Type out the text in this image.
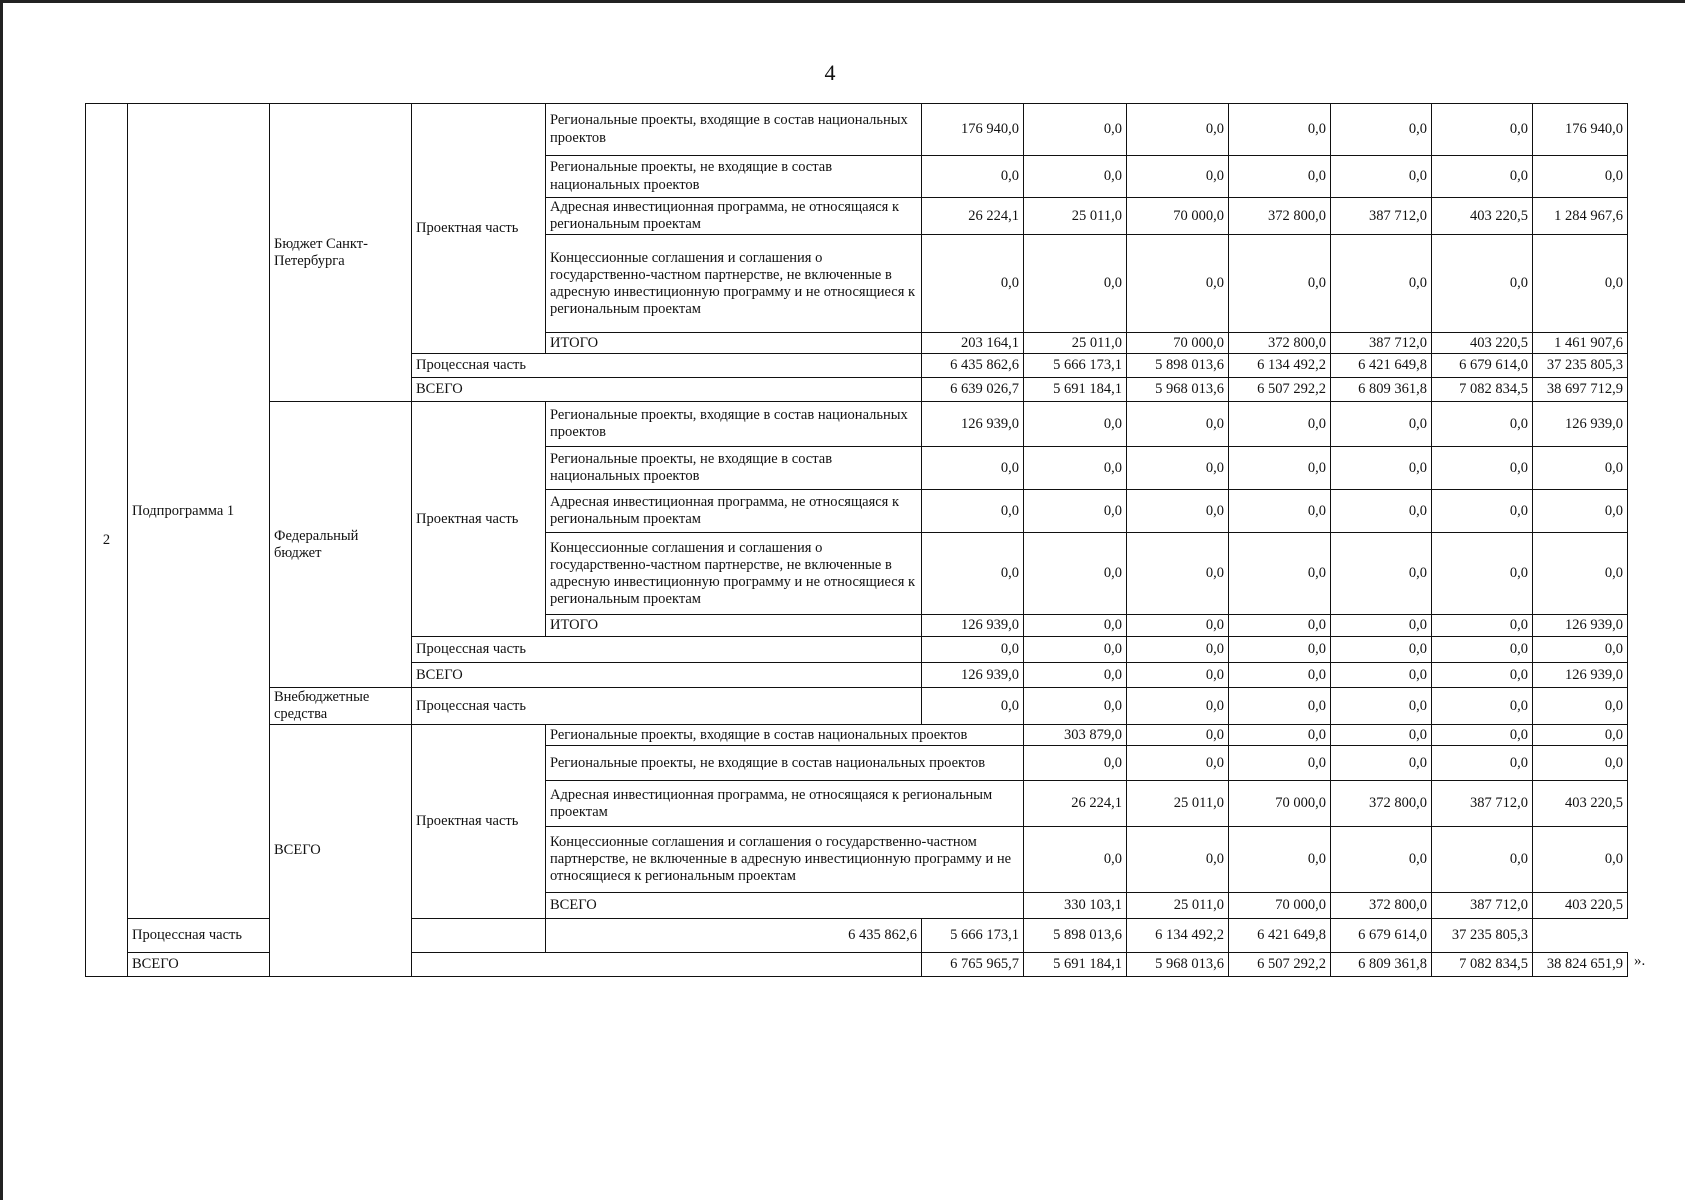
4
2	Подпрограмма 1	Бюджет Санкт-Петербурга	Проектная часть	Региональные проекты, входящие в состав национальных проектов	176 940,0	0,0	0,0	0,0	0,0	0,0	176 940,0	
				Региональные проекты, не входящие в состав национальных проектов	0,0	0,0	0,0	0,0	0,0	0,0	0,0	
				Адресная инвестиционная программа, не относящаяся к региональным проектам	26 224,1	25 011,0	70 000,0	372 800,0	387 712,0	403 220,5	1 284 967,6	
				Концессионные соглашения и соглашения о государственно-частном партнерстве, не включенные в адресную инвестиционную программу и не относящиеся к региональным проектам	0,0	0,0	0,0	0,0	0,0	0,0	0,0	
				ИТОГО	203 164,1	25 011,0	70 000,0	372 800,0	387 712,0	403 220,5	1 461 907,6	
			Процессная часть		6 435 862,6	5 666 173,1	5 898 013,6	6 134 492,2	6 421 649,8	6 679 614,0	37 235 805,3	
			ВСЕГО		6 639 026,7	5 691 184,1	5 968 013,6	6 507 292,2	6 809 361,8	7 082 834,5	38 697 712,9	
		Федеральный бюджет	Проектная часть	Региональные проекты, входящие в состав национальных проектов	126 939,0	0,0	0,0	0,0	0,0	0,0	126 939,0	
				Региональные проекты, не входящие в состав национальных проектов	0,0	0,0	0,0	0,0	0,0	0,0	0,0	
				Адресная инвестиционная программа, не относящаяся к региональным проектам	0,0	0,0	0,0	0,0	0,0	0,0	0,0	
				Концессионные соглашения и соглашения о государственно-частном партнерстве, не включенные в адресную инвестиционную программу и не относящиеся к региональным проектам	0,0	0,0	0,0	0,0	0,0	0,0	0,0	
				ИТОГО	126 939,0	0,0	0,0	0,0	0,0	0,0	126 939,0	
			Процессная часть		0,0	0,0	0,0	0,0	0,0	0,0	0,0	
			ВСЕГО		126 939,0	0,0	0,0	0,0	0,0	0,0	126 939,0	
		Внебюджетные средства	Процессная часть		0,0	0,0	0,0	0,0	0,0	0,0	0,0	
		ВСЕГО	Проектная часть	Региональные проекты, входящие в состав национальных проектов		303 879,0	0,0	0,0	0,0	0,0	0,0	
				Региональные проекты, не входящие в состав национальных проектов		0,0	0,0	0,0	0,0	0,0	0,0	
				Адресная инвестиционная программа, не относящаяся к региональным проектам		26 224,1	25 011,0	70 000,0	372 800,0	387 712,0	403 220,5	
				Концессионные соглашения и соглашения о государственно-частном партнерстве, не включенные в адресную инвестиционную программу и не относящиеся к региональным проектам		0,0	0,0	0,0	0,0	0,0	0,0	
				ВСЕГО		330 103,1	25 011,0	70 000,0	372 800,0	387 712,0	403 220,5	
	Процессная часть			6 435 862,6	5 666 173,1	5 898 013,6	6 134 492,2	6 421 649,8	6 679 614,0	37 235 805,3		
	ВСЕГО				6 765 965,7	5 691 184,1	5 968 013,6	6 507 292,2	6 809 361,8	7 082 834,5	38 824 651,9	».
